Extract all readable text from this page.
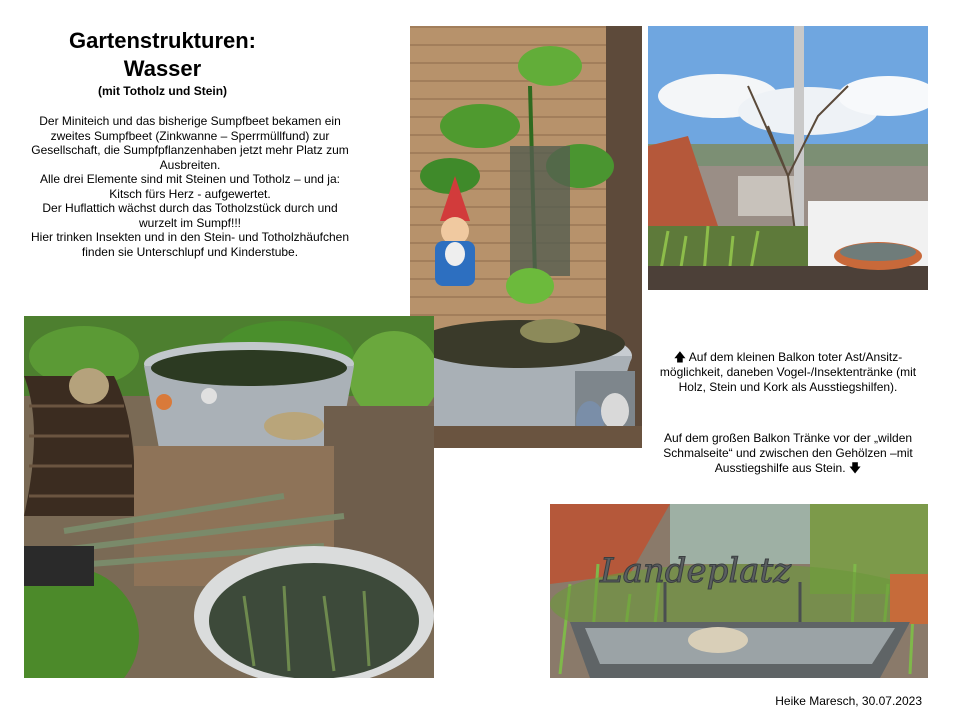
Gartenstrukturen:
Wasser
(mit Totholz und Stein)

Der Miniteich und das bisherige Sumpfbeet bekamen ein zweites Sumpfbeet (Zinkwanne – Sperrmüllfund) zur Gesellschaft, die Sumpfpflanzenhaben jetzt mehr Platz zum Ausbreiten.

Alle drei Elemente sind mit Steinen und Totholz – und ja: Kitsch fürs Herz - aufgewertet.

Der Huflattich wächst durch das Totholzstück durch und wurzelt im Sumpf!!!

Hier trinken Insekten und in den Stein- und Totholzhäufchen finden sie Unterschlupf und Kinderstube.

Landeplatz
🡅 Auf dem kleinen Balkon toter Ast/Ansitz-möglichkeit, daneben Vogel-/Insektentränke (mit Holz, Stein und Kork als Ausstiegshilfen).
Auf dem großen Balkon Tränke vor der „wilden Schmalseite“ und zwischen den Gehölzen –mit Ausstiegshilfe aus Stein. 🡇
Heike Maresch, 30.07.2023
